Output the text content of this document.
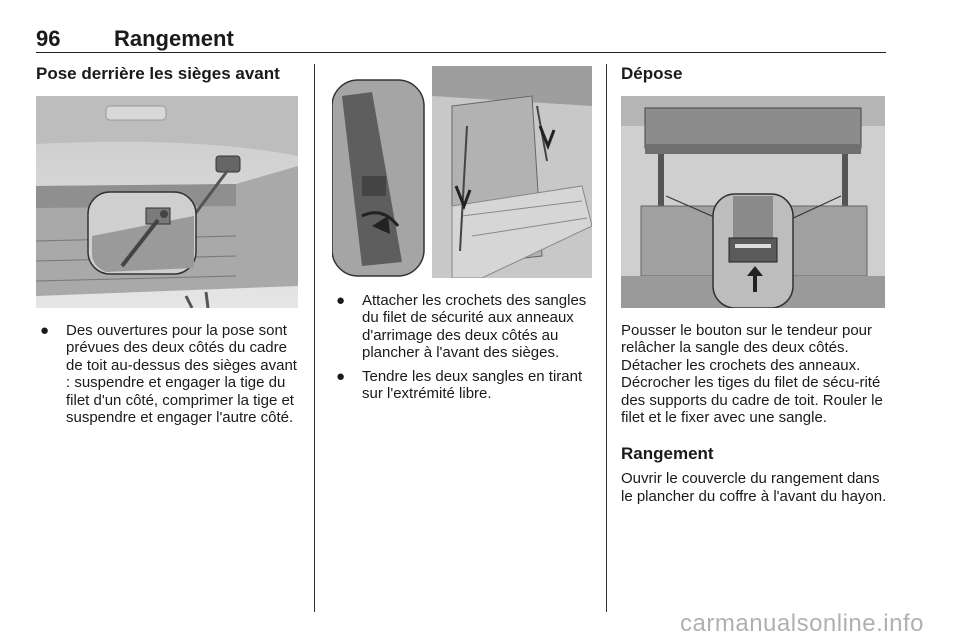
96 Rangement
Pose derrière les sièges avant
● Des ouvertures pour la pose sont prévues des deux côtés du cadre de toit au-dessus des sièges avant : suspendre et engager la tige du filet d'un côté, comprimer la tige et suspendre et engager l'autre côté.
● Attacher les crochets des sangles du filet de sécurité aux anneaux d'arrimage des deux côtés au plancher à l'avant des sièges.
● Tendre les deux sangles en tirant sur l'extrémité libre.
Dépose

Pousser le bouton sur le tendeur pour relâcher la sangle des deux côtés. Détacher les crochets des anneaux. Décrocher les tiges du filet de sécu-rité des supports du cadre de toit. Rouler le filet et le fixer avec une sangle.

Rangement

Ouvrir le couvercle du rangement dans le plancher du coffre à l'avant du hayon.

carmanualsonline.info
